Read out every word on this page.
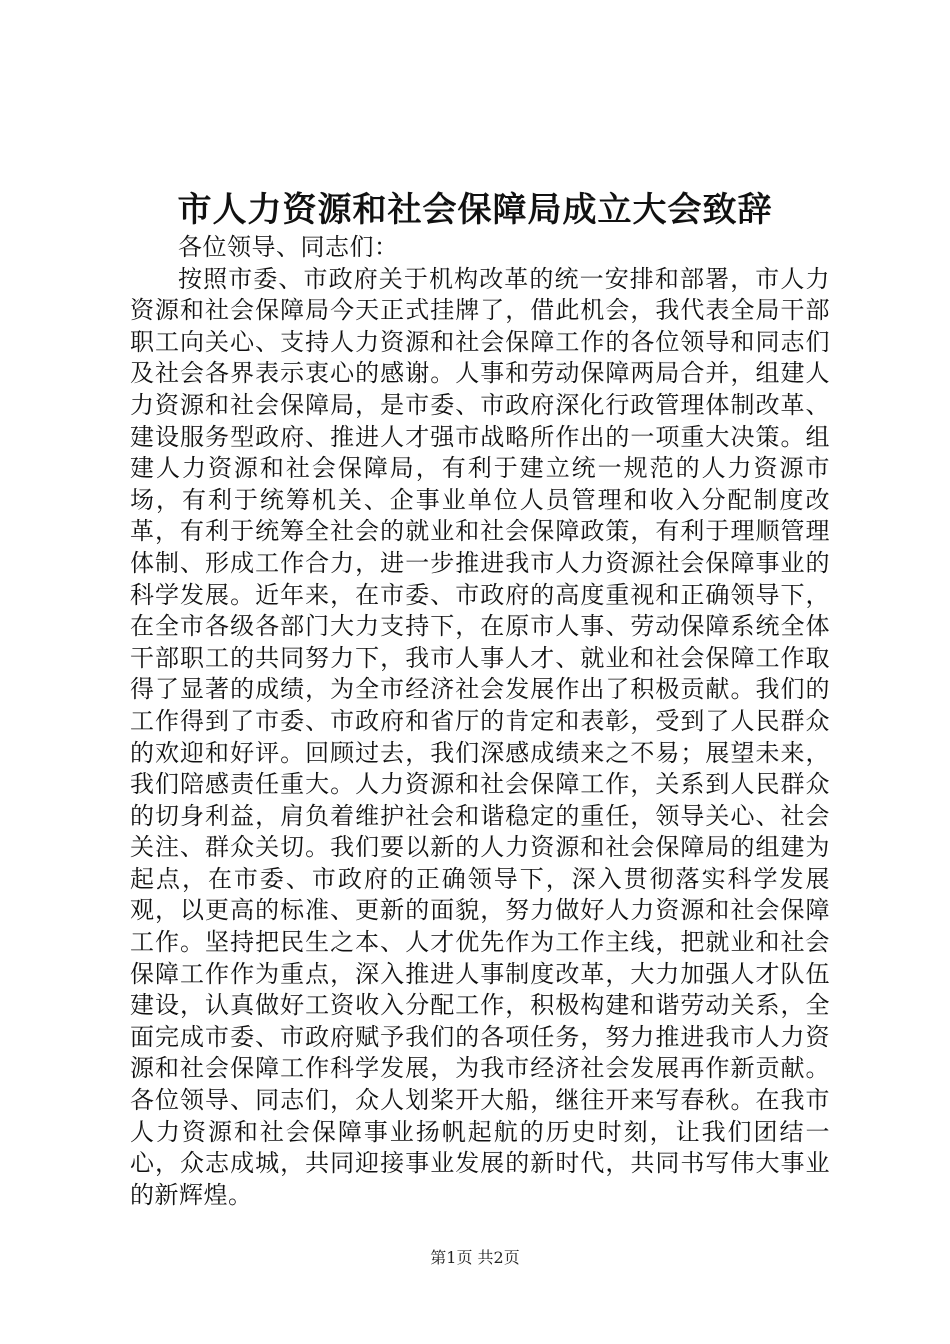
市人力资源和社会保障局成立大会致辞

各位领导、同志们：

按照市委、市政府关于机构改革的统一安排和部署，市人力资源和社会保障局今天正式挂牌了，借此机会，我代表全局干部职工向关心、支持人力资源和社会保障工作的各位领导和同志们及社会各界表示衷心的感谢。人事和劳动保障两局合并，组建人力资源和社会保障局，是市委、市政府深化行政管理体制改革、建设服务型政府、推进人才强市战略所作出的一项重大决策。组建人力资源和社会保障局，有利于建立统一规范的人力资源市场，有利于统筹机关、企事业单位人员管理和收入分配制度改革，有利于统筹全社会的就业和社会保障政策，有利于理顺管理体制、形成工作合力，进一步推进我市人力资源社会保障事业的科学发展。近年来，在市委、市政府的高度重视和正确领导下，在全市各级各部门大力支持下，在原市人事、劳动保障系统全体干部职工的共同努力下，我市人事人才、就业和社会保障工作取得了显著的成绩，为全市经济社会发展作出了积极贡献。我们的工作得到了市委、市政府和省厅的肯定和表彰，受到了人民群众的欢迎和好评。回顾过去，我们深感成绩来之不易；展望未来，我们陪感责任重大。人力资源和社会保障工作，关系到人民群众的切身利益，肩负着维护社会和谐稳定的重任，领导关心、社会关注、群众关切。我们要以新的人力资源和社会保障局的组建为起点，在市委、市政府的正确领导下，深入贯彻落实科学发展观，以更高的标准、更新的面貌，努力做好人力资源和社会保障工作。坚持把民生之本、人才优先作为工作主线，把就业和社会保障工作作为重点，深入推进人事制度改革，大力加强人才队伍建设，认真做好工资收入分配工作，积极构建和谐劳动关系，全面完成市委、市政府赋予我们的各项任务，努力推进我市人力资源和社会保障工作科学发展，为我市经济社会发展再作新贡献。各位领导、同志们，众人划桨开大船，继往开来写春秋。在我市人力资源和社会保障事业扬帆起航的历史时刻，让我们团结一心，众志成城，共同迎接事业发展的新时代，共同书写伟大事业的新辉煌。

第1页 共2页
